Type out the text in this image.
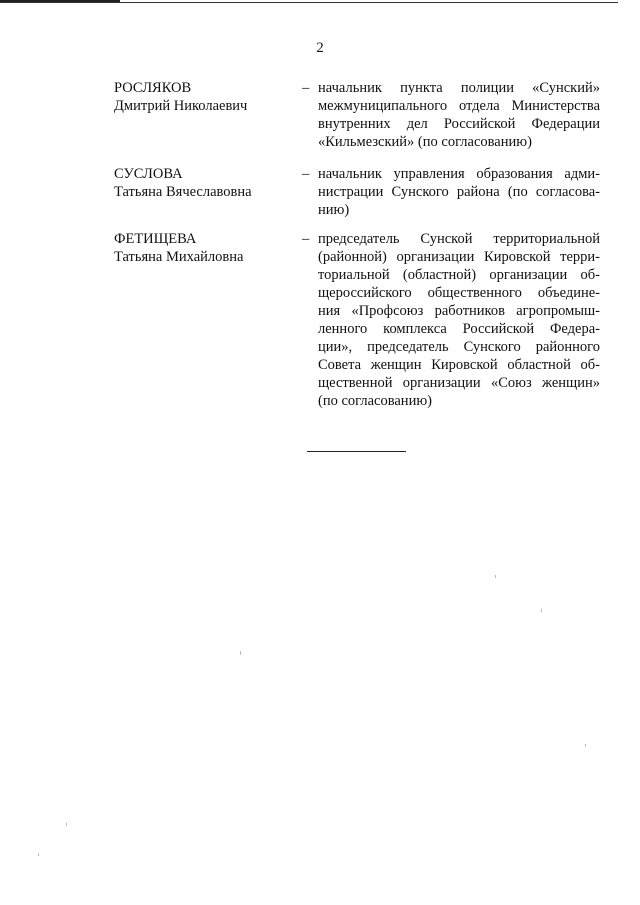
2
РОСЛЯКОВ
Дмитрий Николаевич
– начальник пункта полиции «Сунский»
межмуниципального отдела Министерства
внутренних дел Российской Федерации
«Кильмезский» (по согласованию)
СУСЛОВА
Татьяна Вячеславовна
– начальник управления образования адми-
нистрации Сунского района (по согласова-
нию)
ФЕТИЩЕВА
Татьяна Михайловна
– председатель Сунской территориальной
(районной) организации Кировской терри-
ториальной (областной) организации об-
щероссийского общественного объедине-
ния «Профсоюз работников агропромыш-
ленного комплекса Российской Федера-
ции», председатель Сунского районного
Совета женщин Кировской областной об-
щественной организации «Союз женщин»
(по согласованию)
